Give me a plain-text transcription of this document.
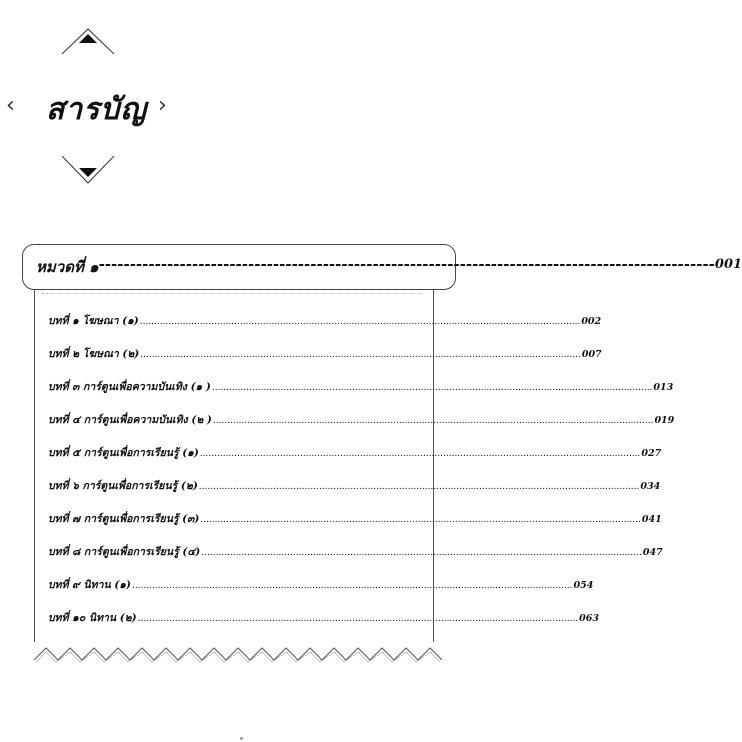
‹ สารบัญ ›
หมวดที่ ๑ --------------------------------------------------------------------------------------------------- 001
บทที่ ๑ โฆษณา (๑) .......................................................................................................................................................... 002
บทที่ ๒ โฆษณา (๒) .......................................................................................................................................................... 007
บทที่ ๓ การ์ตูนเพื่อความบันเทิง (๑ ) .......................................................................................................................................................... 013
บทที่ ๔ การ์ตูนเพื่อความบันเทิง (๒ ) .......................................................................................................................................................... 019
บทที่ ๕ การ์ตูนเพื่อการเรียนรู้ (๑) .......................................................................................................................................................... 027
บทที่ ๖ การ์ตูนเพื่อการเรียนรู้ (๒) .......................................................................................................................................................... 034
บทที่ ๗ การ์ตูนเพื่อการเรียนรู้ (๓) .......................................................................................................................................................... 041
บทที่ ๘ การ์ตูนเพื่อการเรียนรู้ (๔) .......................................................................................................................................................... 047
บทที่ ๙ นิทาน (๑) .......................................................................................................................................................... 054
บทที่ ๑๐ นิทาน (๒) .......................................................................................................................................................... 063
